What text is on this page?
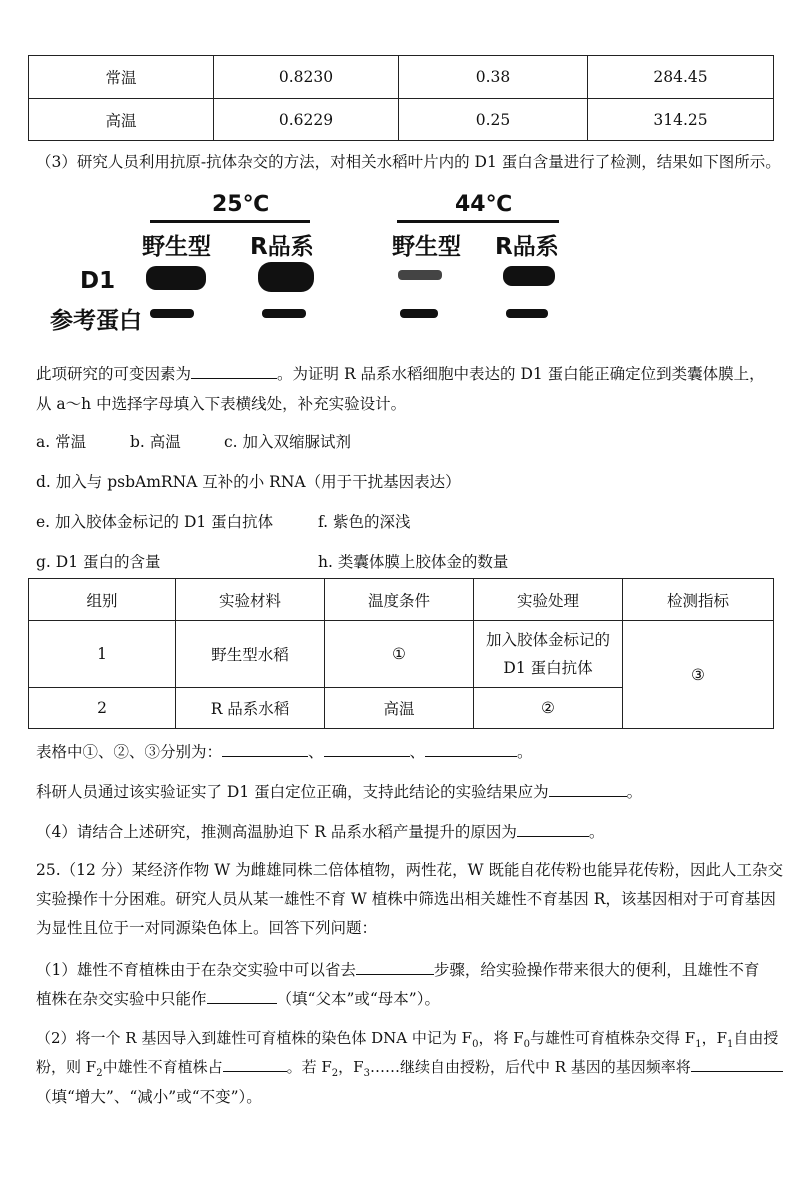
常温	0.8230	0.38	284.45
高温	0.6229	0.25	314.25
（3）研究人员利用抗原-抗体杂交的方法，对相关水稻叶片内的 D1 蛋白含量进行了检测，结果如下图所示。
25℃	44℃
野生型 R品系	野生型 R品系
D1
参考蛋白
此项研究的可变因素为	。为证明 R 品系水稻细胞中表达的 D1 蛋白能正确定位到类囊体膜上，
从 a～h 中选择字母填入下表横线处，补充实验设计。
a. 常温	b. 高温	c. 加入双缩脲试剂
d. 加入与 psbAmRNA 互补的小 RNA（用于干扰基因表达）
e. 加入胶体金标记的 D1 蛋白抗体	f. 紫色的深浅
g. D1 蛋白的含量	h. 类囊体膜上胶体金的数量
组别	实验材料	温度条件	实验处理	检测指标
1	野生型水稻	①	加入胶体金标记的
D1 蛋白抗体	③
2	R 品系水稻	高温	②	
表格中①、②、③分别为：	、	、	。
科研人员通过该实验证实了 D1 蛋白定位正确，支持此结论的实验结果应为	。
（4）请结合上述研究，推测高温胁迫下 R 品系水稻产量提升的原因为	。
25.（12 分）某经济作物 W 为雌雄同株二倍体植物，两性花，W 既能自花传粉也能异花传粉，因此人工杂交
实验操作十分困难。研究人员从某一雄性不育 W 植株中筛选出相关雄性不育基因 R，该基因相对于可育基因
为显性且位于一对同源染色体上。回答下列问题：
（1）雄性不育植株由于在杂交实验中可以省去	步骤，给实验操作带来很大的便利，且雄性不育
植株在杂交实验中只能作	（填“父本”或“母本”）。
（2）将一个 R 基因导入到雄性可育植株的染色体 DNA 中记为 $F_0$，将 $F_0$与雄性可育植株杂交得 $F_1$，$F_1$自由授
粉，则 $F_2$中雄性不育植株占	。若 $F_2$，$F_3\dots\dots$继续自由授粉，后代中 R 基因的基因频率将
（填“增大”、“减小”或“不变”）。
